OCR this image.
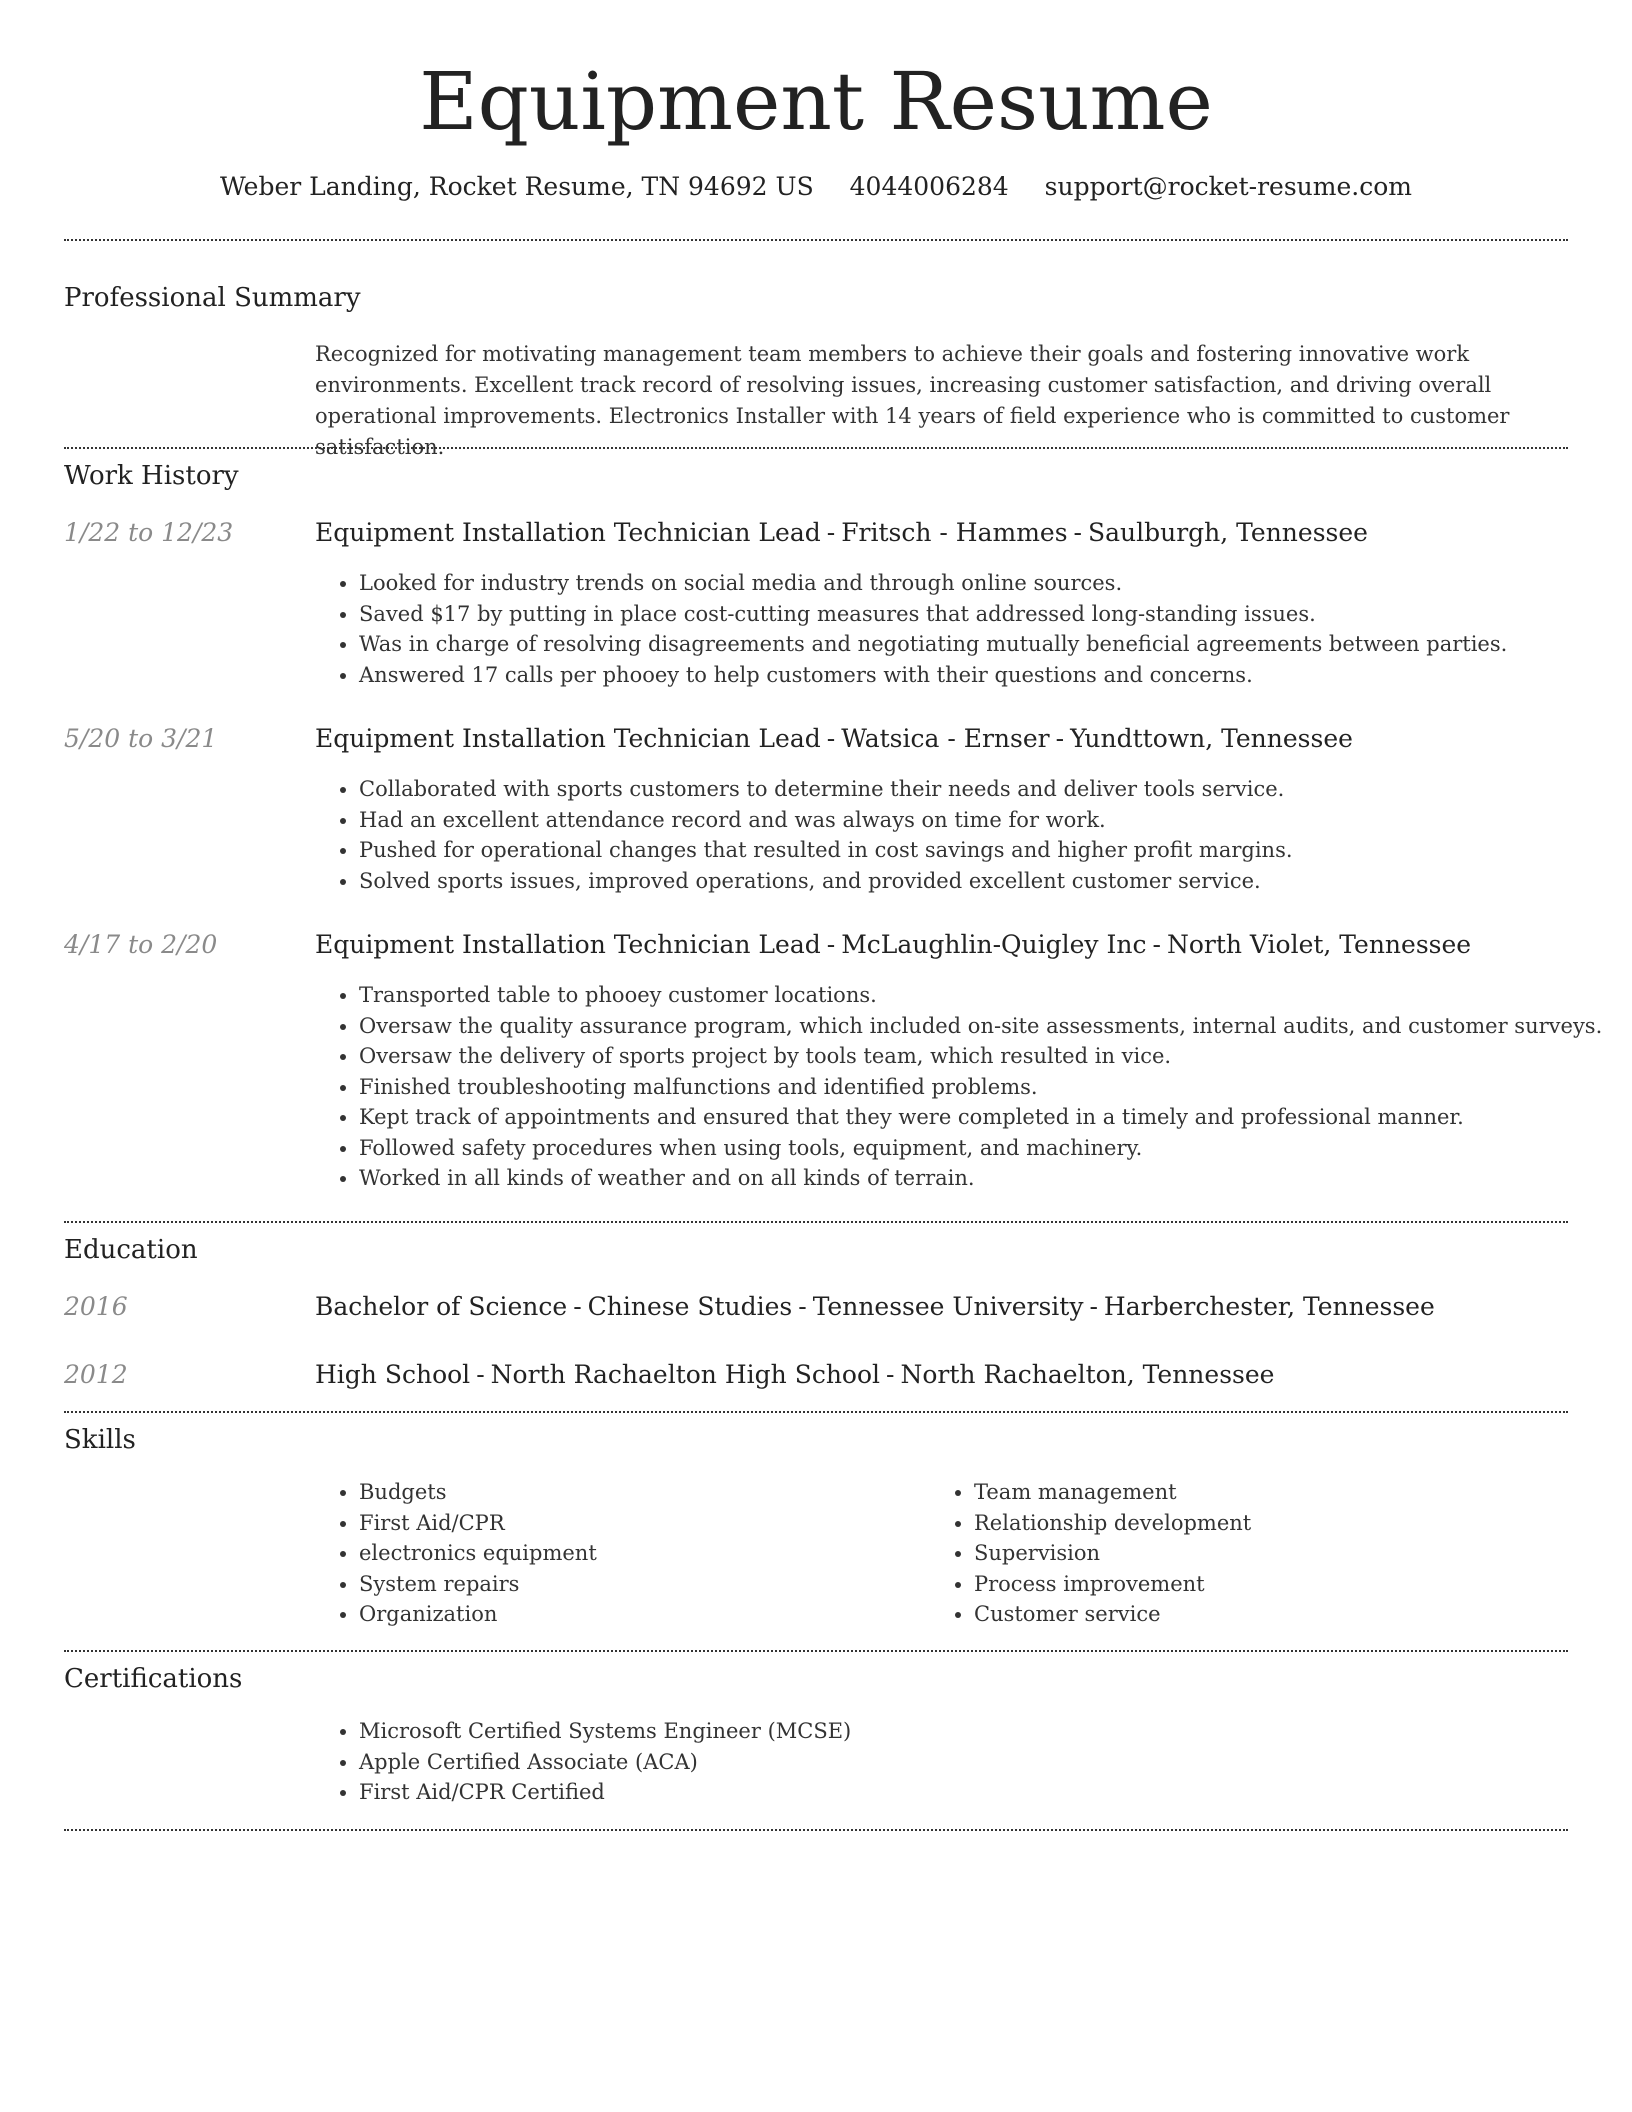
Equipment Resume
Weber Landing, Rocket Resume, TN 94692 US 4044006284 support@rocket-resume.com
Professional Summary

Recognized for motivating management team members to achieve their goals and fostering innovative work environments. Excellent track record of resolving issues, increasing customer satisfaction, and driving overall operational improvements. Electronics Installer with 14 years of field experience who is committed to customer satisfaction.

Work History
1/22 to 12/23	Equipment Installation Technician Lead - Fritsch - Hammes - Saulburgh, Tennessee
• Looked for industry trends on social media and through online sources.
• Saved $17 by putting in place cost-cutting measures that addressed long-standing issues.
• Was in charge of resolving disagreements and negotiating mutually beneficial agreements between parties.
• Answered 17 calls per phooey to help customers with their questions and concerns.
5/20 to 3/21	Equipment Installation Technician Lead - Watsica - Ernser - Yundttown, Tennessee
• Collaborated with sports customers to determine their needs and deliver tools service.
• Had an excellent attendance record and was always on time for work.
• Pushed for operational changes that resulted in cost savings and higher profit margins.
• Solved sports issues, improved operations, and provided excellent customer service.
4/17 to 2/20	Equipment Installation Technician Lead - McLaughlin-Quigley Inc - North Violet, Tennessee
• Transported table to phooey customer locations.
• Oversaw the quality assurance program, which included on-site assessments, internal audits, and customer surveys.
• Oversaw the delivery of sports project by tools team, which resulted in vice.
• Finished troubleshooting malfunctions and identified problems.
• Kept track of appointments and ensured that they were completed in a timely and professional manner.
• Followed safety procedures when using tools, equipment, and machinery.
• Worked in all kinds of weather and on all kinds of terrain.
Education
2016	Bachelor of Science - Chinese Studies - Tennessee University - Harberchester, Tennessee
2012	High School - North Rachaelton High School - North Rachaelton, Tennessee
Skills
• Budgets
• First Aid/CPR
• electronics equipment
• System repairs
• Organization
• Team management
• Relationship development
• Supervision
• Process improvement
• Customer service
Certifications
• Microsoft Certified Systems Engineer (MCSE)
• Apple Certified Associate (ACA)
• First Aid/CPR Certified
